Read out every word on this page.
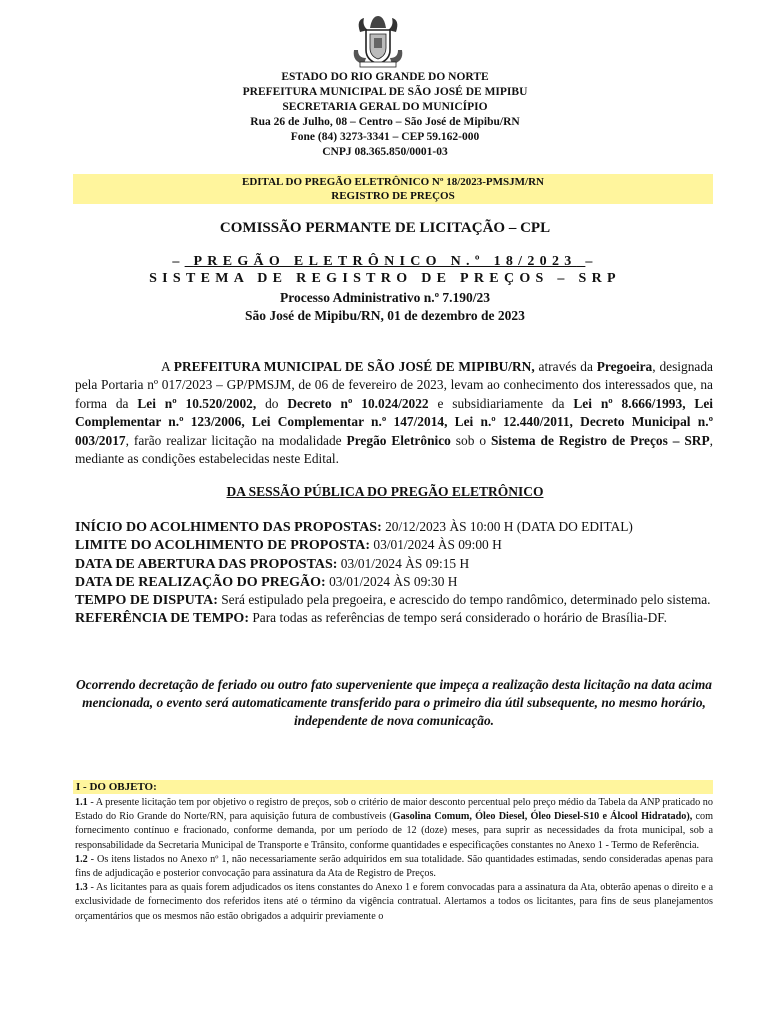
ESTADO DO RIO GRANDE DO NORTE
PREFEITURA MUNICIPAL DE SÃO JOSÉ DE MIPIBU
SECRETARIA GERAL DO MUNICÍPIO
Rua 26 de Julho, 08 – Centro – São José de Mipibu/RN
Fone (84) 3273-3341 – CEP 59.162-000
CNPJ 08.365.850/0001-03
EDITAL DO PREGÃO ELETRÔNICO Nº 18/2023-PMSJM/RN
REGISTRO DE PREÇOS
COMISSÃO PERMANTE DE LICITAÇÃO – CPL
– PREGÃO ELETRÔNICO N.º 18/2023 –
SISTEMA DE REGISTRO DE PREÇOS – SRP
Processo Administrativo n.º 7.190/23
São José de Mipibu/RN, 01 de dezembro de 2023
A PREFEITURA MUNICIPAL DE SÃO JOSÉ DE MIPIBU/RN, através da Pregoeira, designada pela Portaria nº 017/2023 – GP/PMSJM, de 06 de fevereiro de 2023, levam ao conhecimento dos interessados que, na forma da Lei nº 10.520/2002, do Decreto nº 10.024/2022 e subsidiariamente da Lei nº 8.666/1993, Lei Complementar n.º 123/2006, Lei Complementar n.º 147/2014, Lei n.º 12.440/2011, Decreto Municipal n.º 003/2017, farão realizar licitação na modalidade Pregão Eletrônico sob o Sistema de Registro de Preços – SRP, mediante as condições estabelecidas neste Edital.
DA SESSÃO PÚBLICA DO PREGÃO ELETRÔNICO
INÍCIO DO ACOLHIMENTO DAS PROPOSTAS: 20/12/2023 ÀS 10:00 H (DATA DO EDITAL)
LIMITE DO ACOLHIMENTO DE PROPOSTA: 03/01/2024 ÀS 09:00 H
DATA DE ABERTURA DAS PROPOSTAS: 03/01/2024 ÀS 09:15 H
DATA DE REALIZAÇÃO DO PREGÃO: 03/01/2024 ÀS 09:30 H
TEMPO DE DISPUTA: Será estipulado pela pregoeira, e acrescido do tempo randômico, determinado pelo sistema.
REFERÊNCIA DE TEMPO: Para todas as referências de tempo será considerado o horário de Brasília-DF.
Ocorrendo decretação de feriado ou outro fato superveniente que impeça a realização desta licitação na data acima mencionada, o evento será automaticamente transferido para o primeiro dia útil subsequente, no mesmo horário, independente de nova comunicação.
I - DO OBJETO:

1.1 - A presente licitação tem por objetivo o registro de preços, sob o critério de maior desconto percentual pelo preço médio da Tabela da ANP praticado no Estado do Rio Grande do Norte/RN, para aquisição futura de combustíveis (Gasolina Comum, Óleo Diesel, Óleo Diesel-S10 e Álcool Hidratado), com fornecimento contínuo e fracionado, conforme demanda, por um período de 12 (doze) meses, para suprir as necessidades da frota municipal, sob a responsabilidade da Secretaria Municipal de Transporte e Trânsito, conforme quantidades e especificações constantes no Anexo 1 - Termo de Referência.

1.2 - Os itens listados no Anexo nº 1, não necessariamente serão adquiridos em sua totalidade. São quantidades estimadas, sendo consideradas apenas para fins de adjudicação e posterior convocação para assinatura da Ata de Registro de Preços.

1.3 - As licitantes para as quais forem adjudicados os itens constantes do Anexo 1 e forem convocadas para a assinatura da Ata, obterão apenas o direito e a exclusividade de fornecimento dos referidos itens até o término da vigência contratual. Alertamos a todos os licitantes, para fins de seus planejamentos orçamentários que os mesmos não estão obrigados a adquirir previamente o
